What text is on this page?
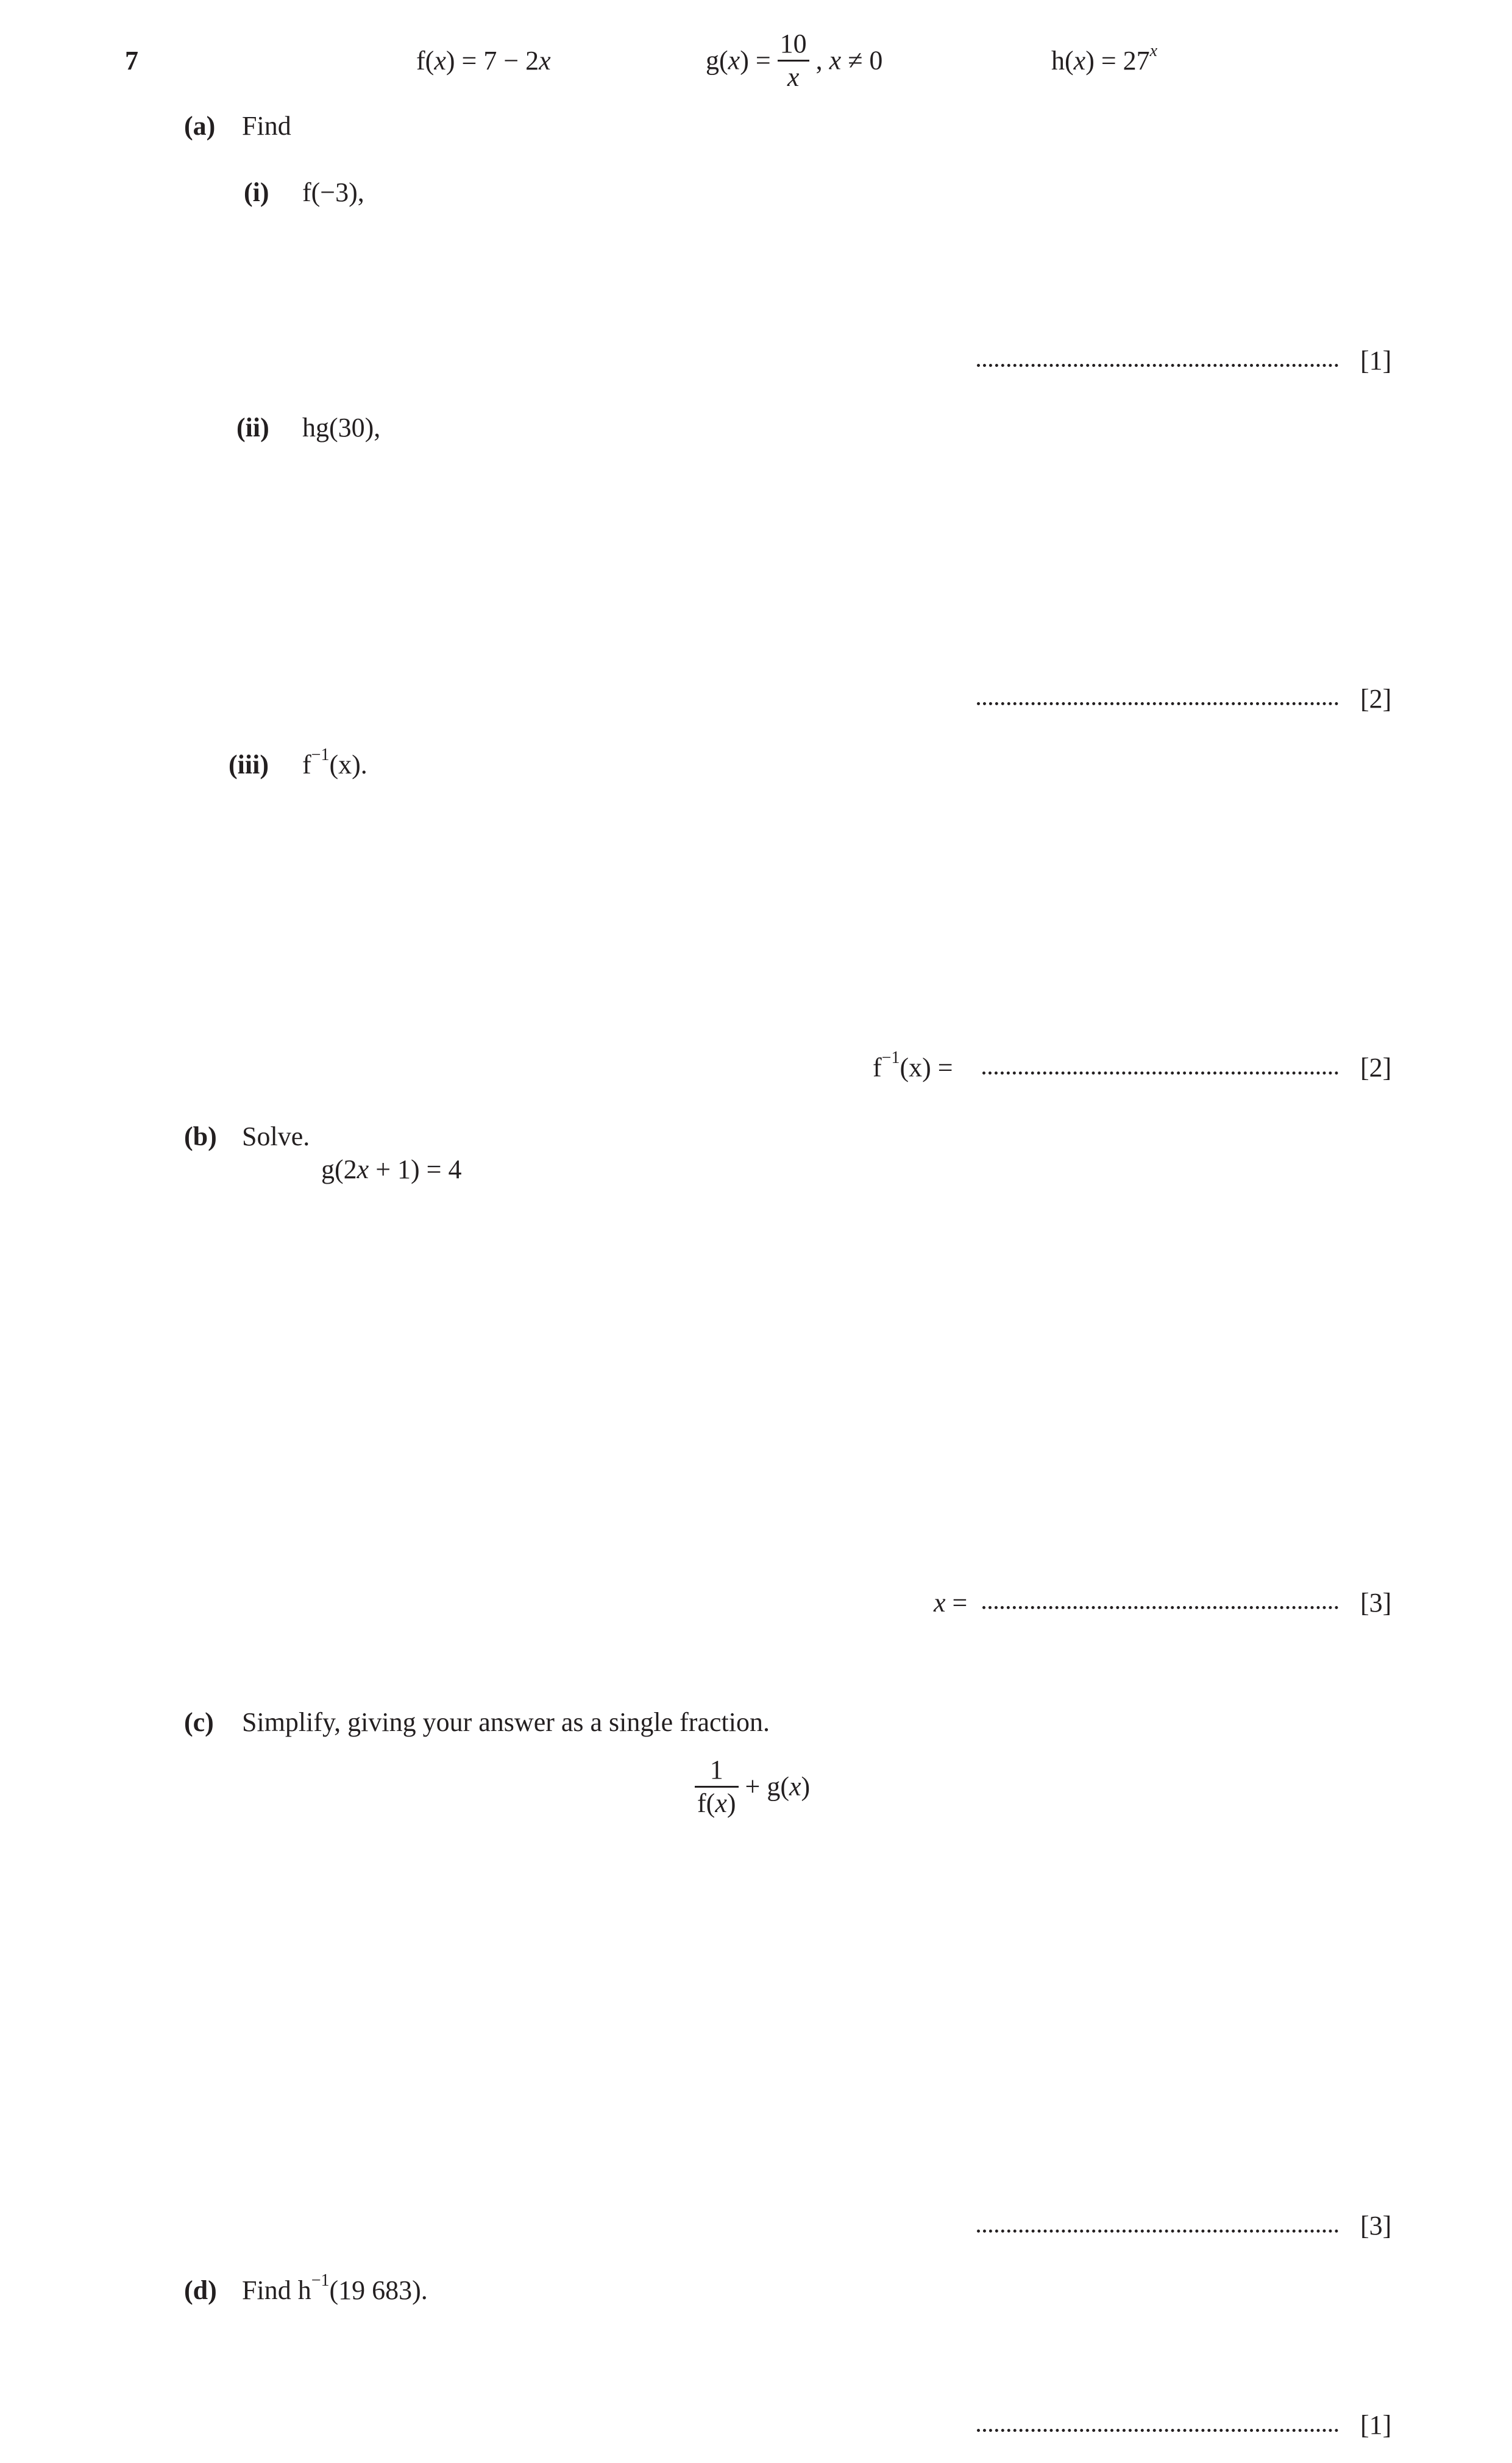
7	f(x) = 7 − 2x	$g(x) = \frac{10}{x}$ , x ≠ 0	$h(x) = 27^x$
(a) Find
(i) f(−3),
[1]
(ii) hg(30),
[2]
(iii) $f^{-1}(x)$.
$f^{-1}(x)$ =	[2]
(b) Solve.
g(2x + 1) = 4
x =	[3]
(c) Simplify, giving your answer as a single fraction.
$\frac{1}{f(x)} + g(x)$
[3]
(d) Find $h^{-1}(19$ 683).
[1]
